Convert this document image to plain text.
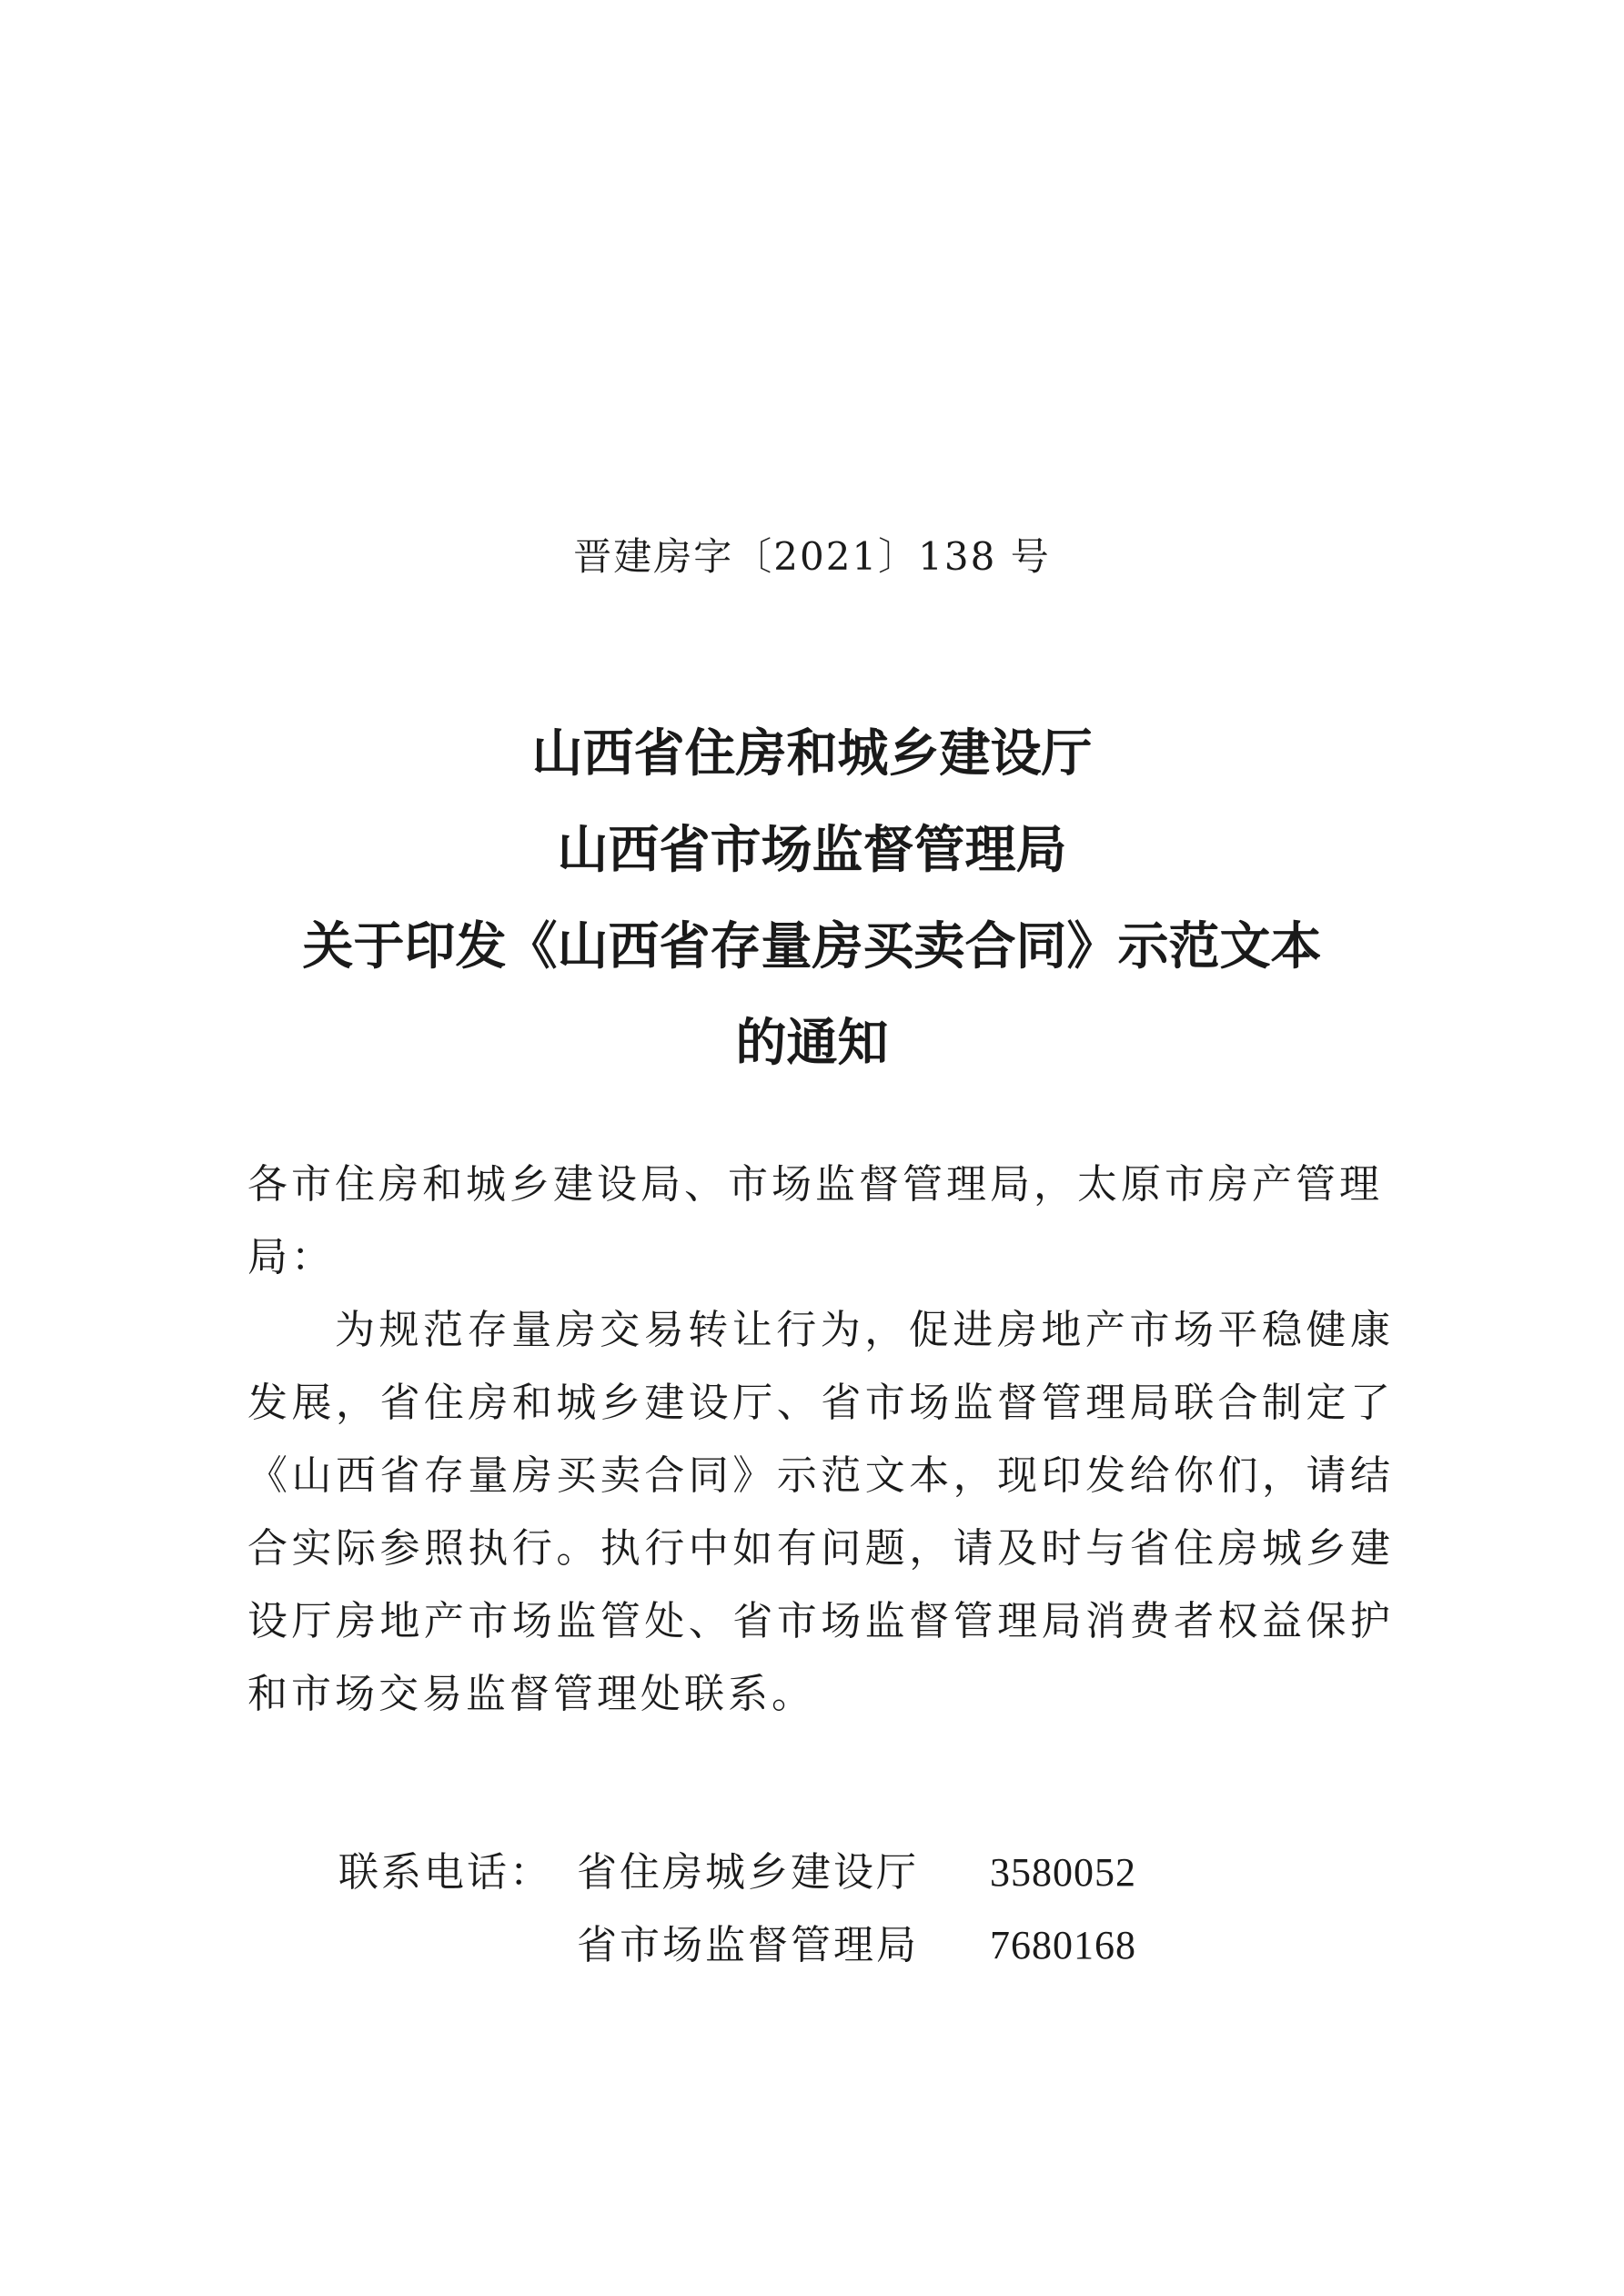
晋建房字〔2021〕138 号
山西省住房和城乡建设厅
山西省市场监督管理局
关于印发《山西省存量房买卖合同》示范文本
的通知

各市住房和城乡建设局、市场监督管理局，太原市房产管理局：

为规范存量房交易转让行为，促进房地产市场平稳健康发展，省住房和城乡建设厅、省市场监督管理局联合制定了《山西省存量房买卖合同》示范文本，现印发给你们，请结合实际参照执行。执行中如有问题，请及时与省住房城乡建设厅房地产市场监管处、省市场监督管理局消费者权益保护和市场交易监督管理处联系。

联系电话： 省住房城乡建设厅	3580052
省市场监督管理局	7680168
